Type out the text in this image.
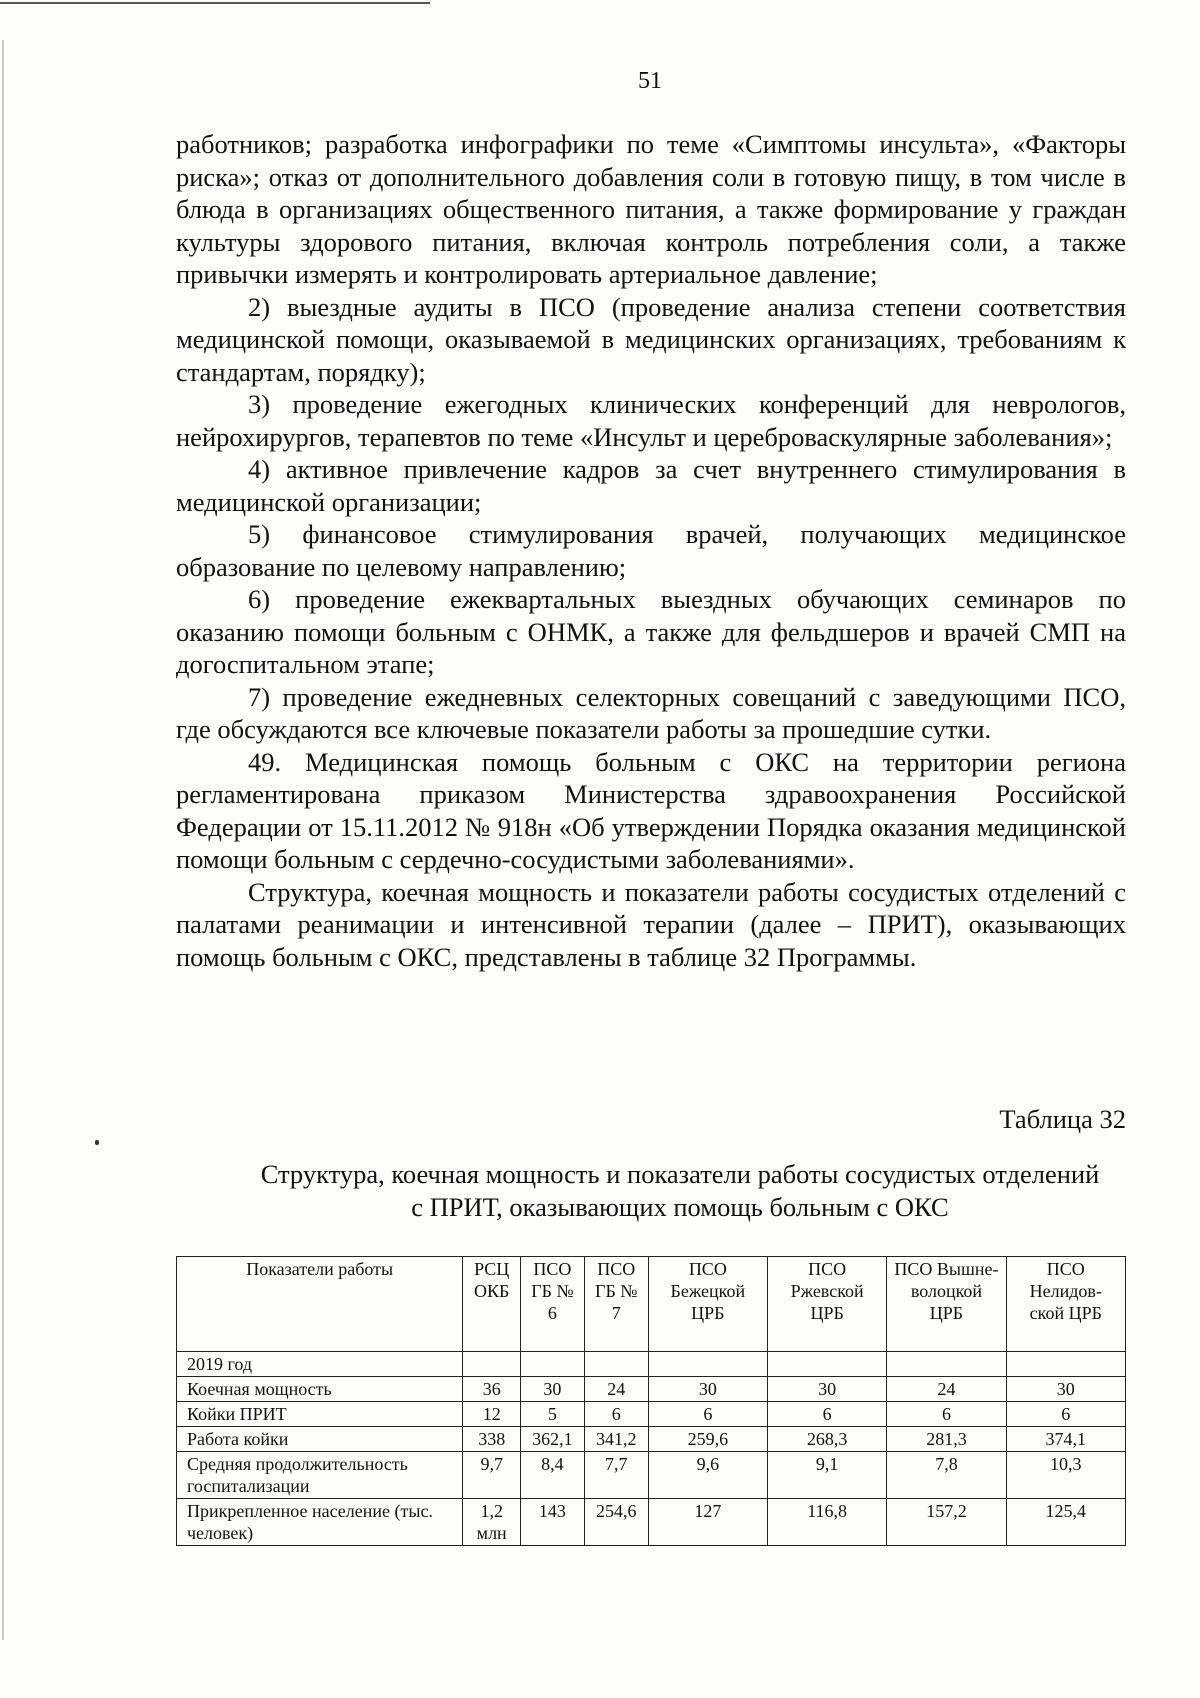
51

работников; разработка инфографики по теме «Симптомы инсульта», «Факторы риска»; отказ от дополнительного добавления соли в готовую пищу, в том числе в блюда в организациях общественного питания, а также формирование у граждан культуры здорового питания, включая контроль потребления соли, а также привычки измерять и контролировать артериальное давление;

2) выездные аудиты в ПСО (проведение анализа степени соответствия медицинской помощи, оказываемой в медицинских организациях, требованиям к стандартам, порядку);

3) проведение ежегодных клинических конференций для неврологов, нейрохирургов, терапевтов по теме «Инсульт и цереброваскулярные заболевания»;

4) активное привлечение кадров за счет внутреннего стимулирования в медицинской организации;

5) финансовое стимулирования врачей, получающих медицинское образование по целевому направлению;

6) проведение ежеквартальных выездных обучающих семинаров по оказанию помощи больным с ОНМК, а также для фельдшеров и врачей СМП на догоспитальном этапе;

7) проведение ежедневных селекторных совещаний с заведующими ПСО, где обсуждаются все ключевые показатели работы за прошедшие сутки.

49. Медицинская помощь больным с ОКС на территории региона регламентирована приказом Министерства здравоохранения Российской Федерации от 15.11.2012 № 918н «Об утверждении Порядка оказания медицинской помощи больным с сердечно-сосудистыми заболеваниями».

Структура, коечная мощность и показатели работы сосудистых отделений с палатами реанимации и интенсивной терапии (далее – ПРИТ), оказывающих помощь больным с ОКС, представлены в таблице 32 Программы.

Таблица 32
Структура, коечная мощность и показатели работы сосудистых отделений с ПРИТ, оказывающих помощь больным с ОКС
Показатели работы	РСЦ ОКБ	ПСО ГБ № 6	ПСО ГБ № 7	ПСО Бежецкой ЦРБ	ПСО Ржевской ЦРБ	ПСО Вышне-волоцкой ЦРБ	ПСО Нелидов-ской ЦРБ
2019 год							
Коечная мощность	36	30	24	30	30	24	30
Койки ПРИТ	12	5	6	6	6	6	6
Работа койки	338	362,1	341,2	259,6	268,3	281,3	374,1
Средняя продолжительность госпитализации	9,7	8,4	7,7	9,6	9,1	7,8	10,3
Прикрепленное население (тыс. человек)	1,2 млн	143	254,6	127	116,8	157,2	125,4
